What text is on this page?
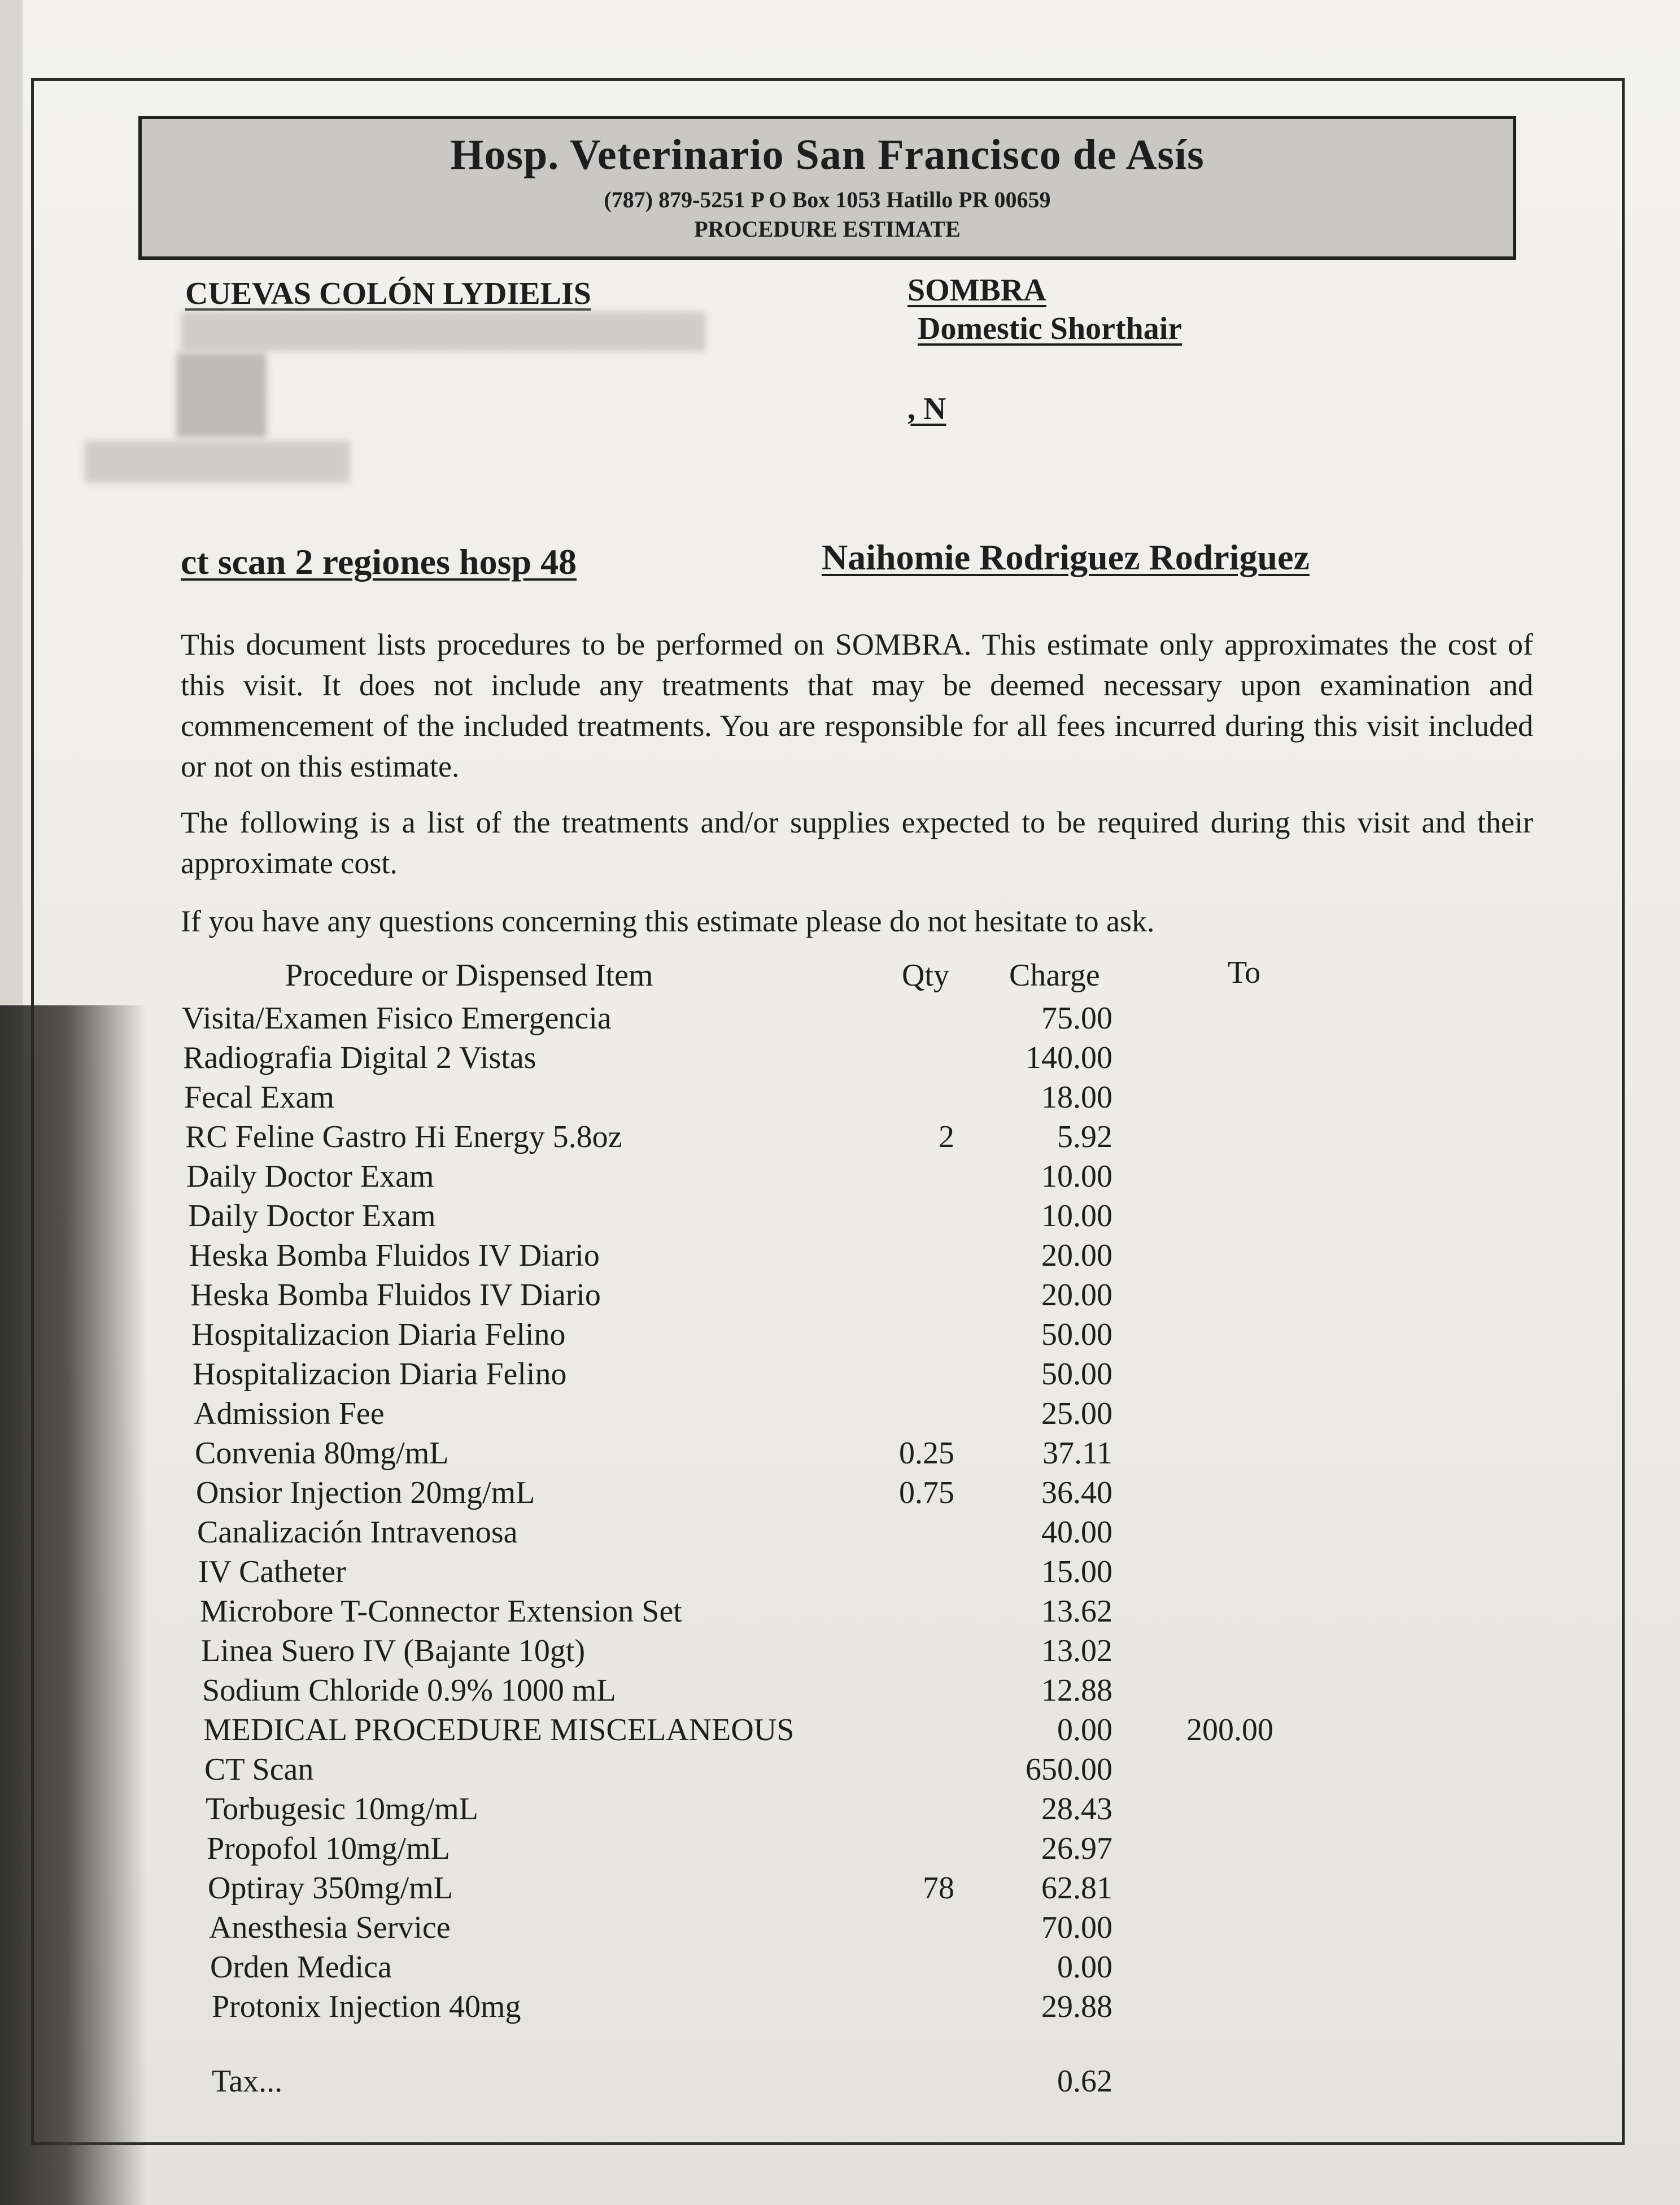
Hosp. Veterinario San Francisco de Asís
(787) 879-5251 P O Box 1053 Hatillo PR 00659
PROCEDURE ESTIMATE
CUEVAS COLÓN LYDIELIS	SOMBRA
Domestic Shorthair
, N
ct scan 2 regiones hosp 48	Naihomie Rodriguez Rodriguez

This document lists procedures to be performed on SOMBRA. This estimate only approximates the cost of this visit. It does not include any treatments that may be deemed necessary upon examination and commencement of the included treatments. You are responsible for all fees incurred during this visit included or not on this estimate.

The following is a list of the treatments and/or supplies expected to be required during this visit and their approximate cost.

If you have any questions concerning this estimate please do not hesitate to ask.

Procedure or Dispensed Item	Qty Charge	To
Visita/Examen Fisico Emergencia	75.00
Radiografia Digital 2 Vistas	140.00
Fecal Exam	18.00
RC Feline Gastro Hi Energy 5.8oz	2	5.92
Daily Doctor Exam	10.00
Daily Doctor Exam	10.00
Heska Bomba Fluidos IV Diario	20.00
Heska Bomba Fluidos IV Diario	20.00
Hospitalizacion Diaria Felino	50.00
Hospitalizacion Diaria Felino	50.00
Admission Fee	25.00
Convenia 80mg/mL	0.25	37.11
Onsior Injection 20mg/mL	0.75	36.40
Canalización Intravenosa	40.00
IV Catheter	15.00
Microbore T-Connector Extension Set	13.62
Linea Suero IV (Bajante 10gt)	13.02
Sodium Chloride 0.9% 1000 mL	12.88
MEDICAL PROCEDURE MISCELANEOUS	0.00 200.00
CT Scan	650.00
Torbugesic 10mg/mL	28.43
Propofol 10mg/mL	26.97
Optiray 350mg/mL	78	62.81
Anesthesia Service	70.00
Orden Medica	0.00
Protonix Injection 40mg	29.88
Tax...	0.62
